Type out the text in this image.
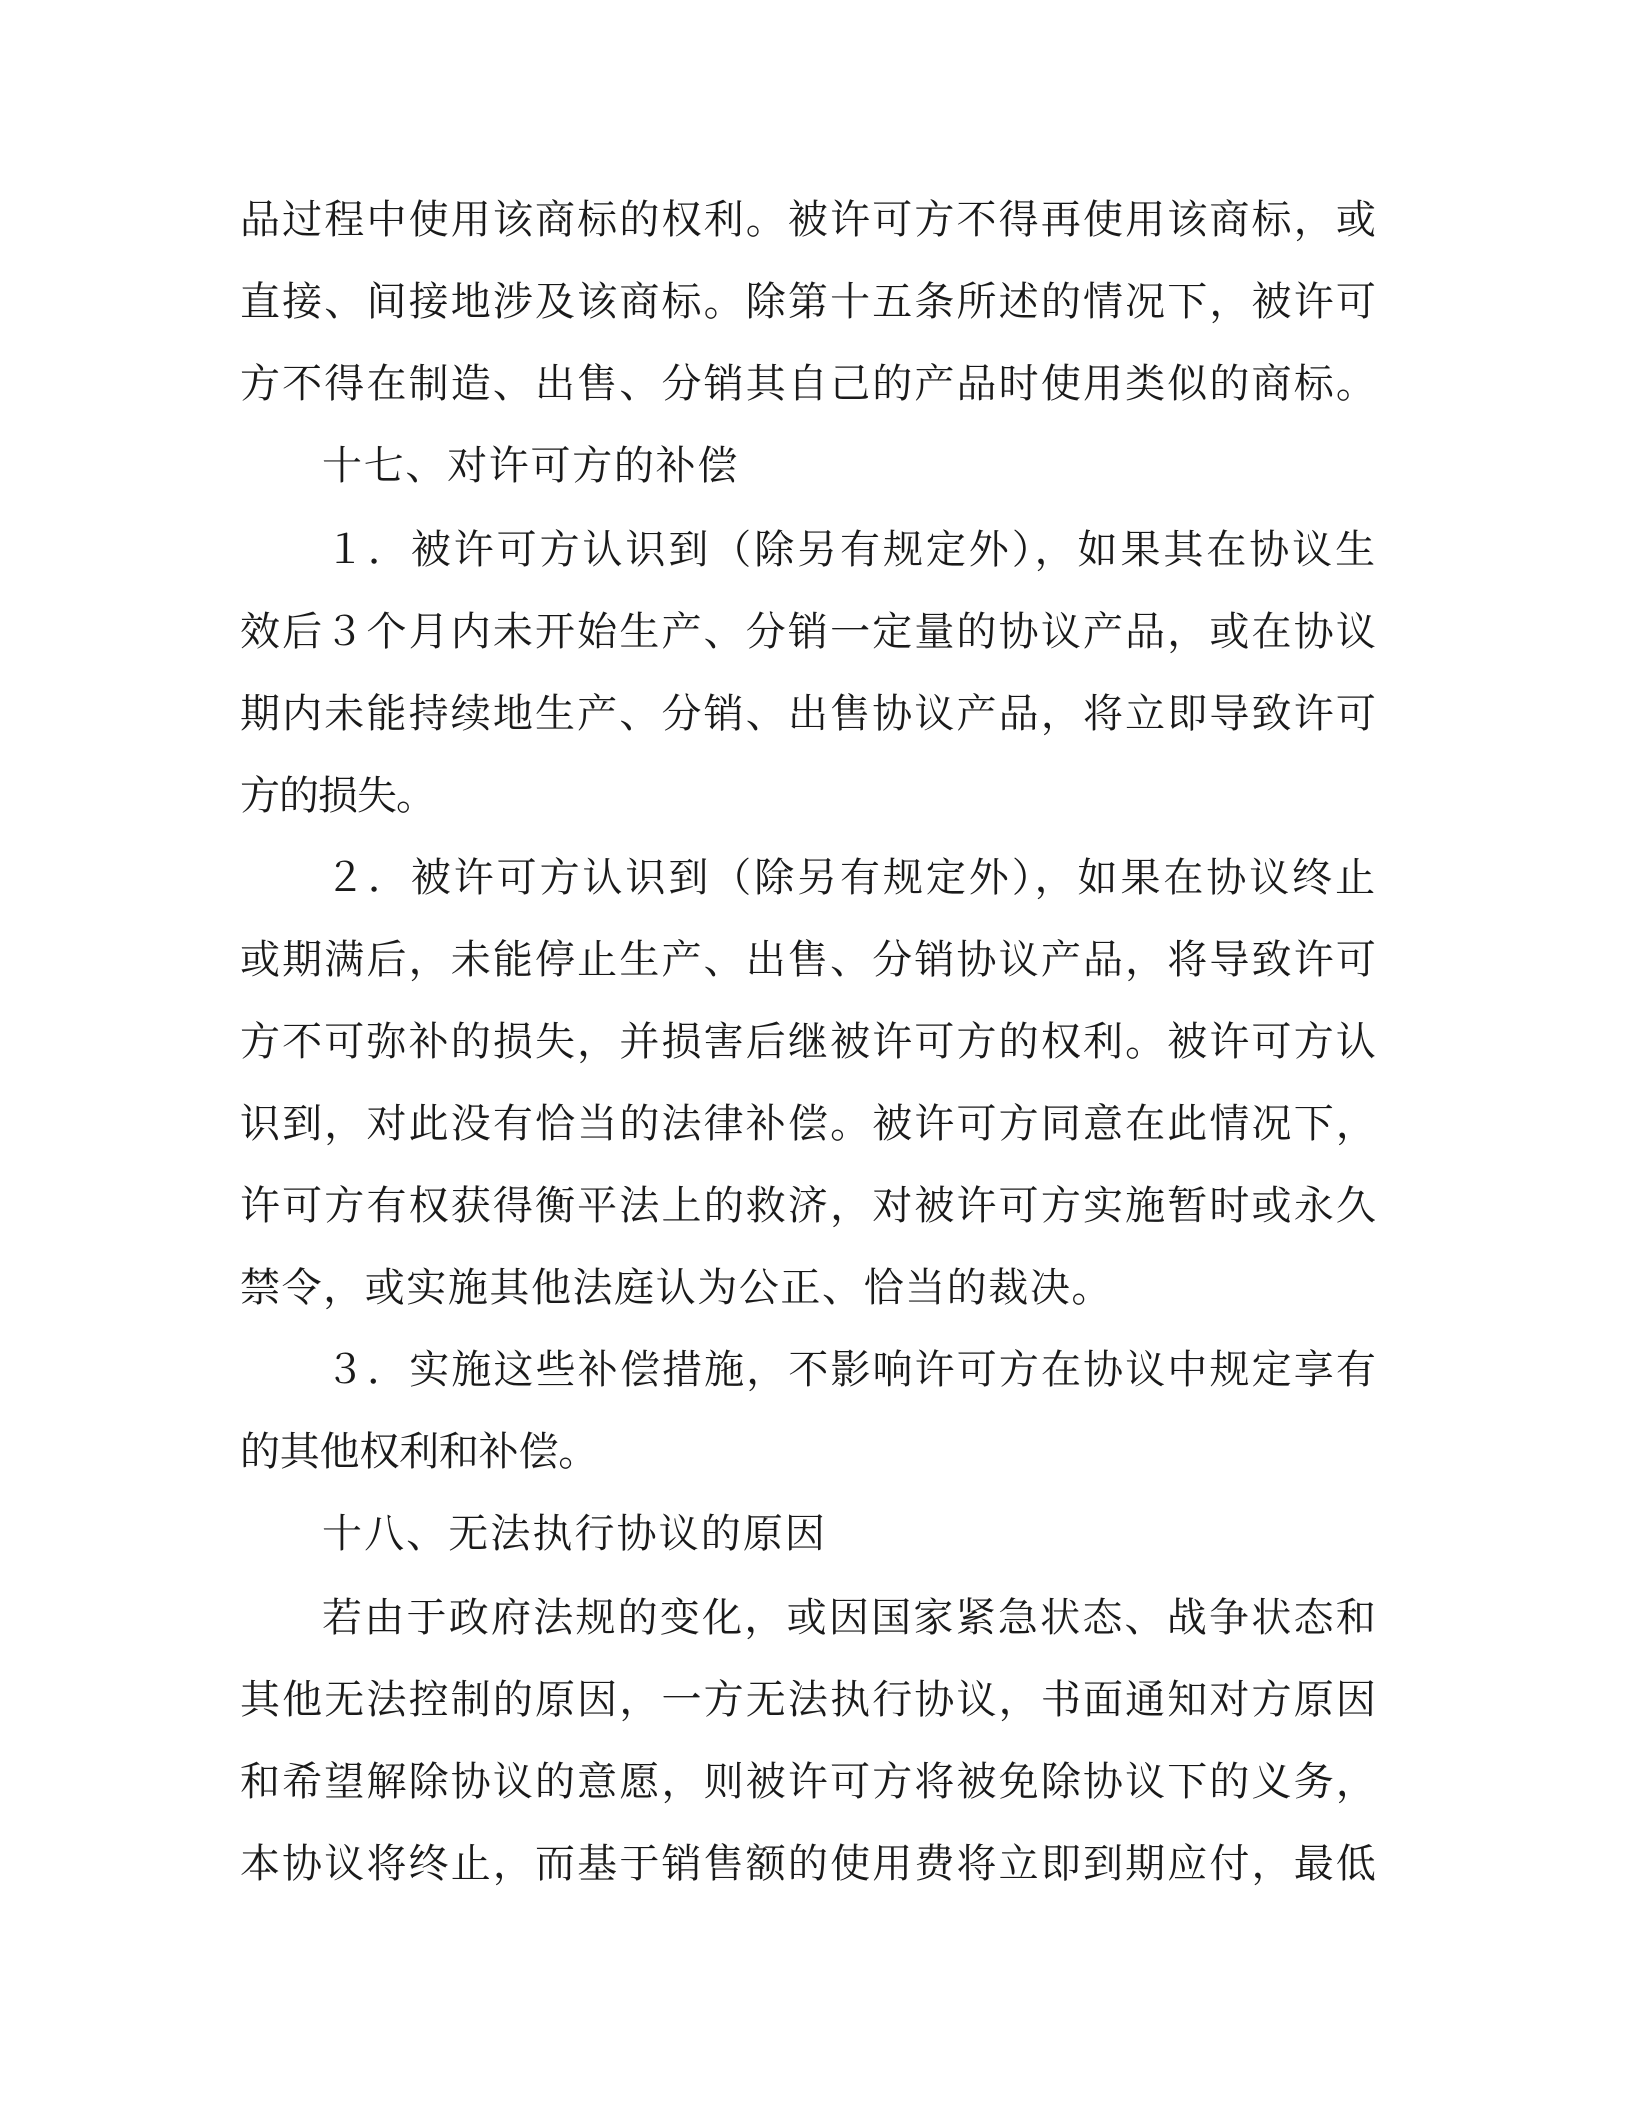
品过程中使用该商标的权利。被许可方不得再使用该商标，或
直接、间接地涉及该商标。除第十五条所述的情况下，被许可
方不得在制造、出售、分销其自己的产品时使用类似的商标。
十七、对许可方的补偿
１．被许可方认识到（除另有规定外），如果其在协议生
效后３个月内未开始生产、分销一定量的协议产品，或在协议
期内未能持续地生产、分销、出售协议产品，将立即导致许可
方的损失。
２．被许可方认识到（除另有规定外），如果在协议终止
或期满后，未能停止生产、出售、分销协议产品，将导致许可
方不可弥补的损失，并损害后继被许可方的权利。被许可方认
识到，对此没有恰当的法律补偿。被许可方同意在此情况下，
许可方有权获得衡平法上的救济，对被许可方实施暂时或永久
禁令，或实施其他法庭认为公正、恰当的裁决。
３．实施这些补偿措施，不影响许可方在协议中规定享有
的其他权利和补偿。
十八、无法执行协议的原因
若由于政府法规的变化，或因国家紧急状态、战争状态和
其他无法控制的原因，一方无法执行协议，书面通知对方原因
和希望解除协议的意愿，则被许可方将被免除协议下的义务，
本协议将终止，而基于销售额的使用费将立即到期应付，最低
